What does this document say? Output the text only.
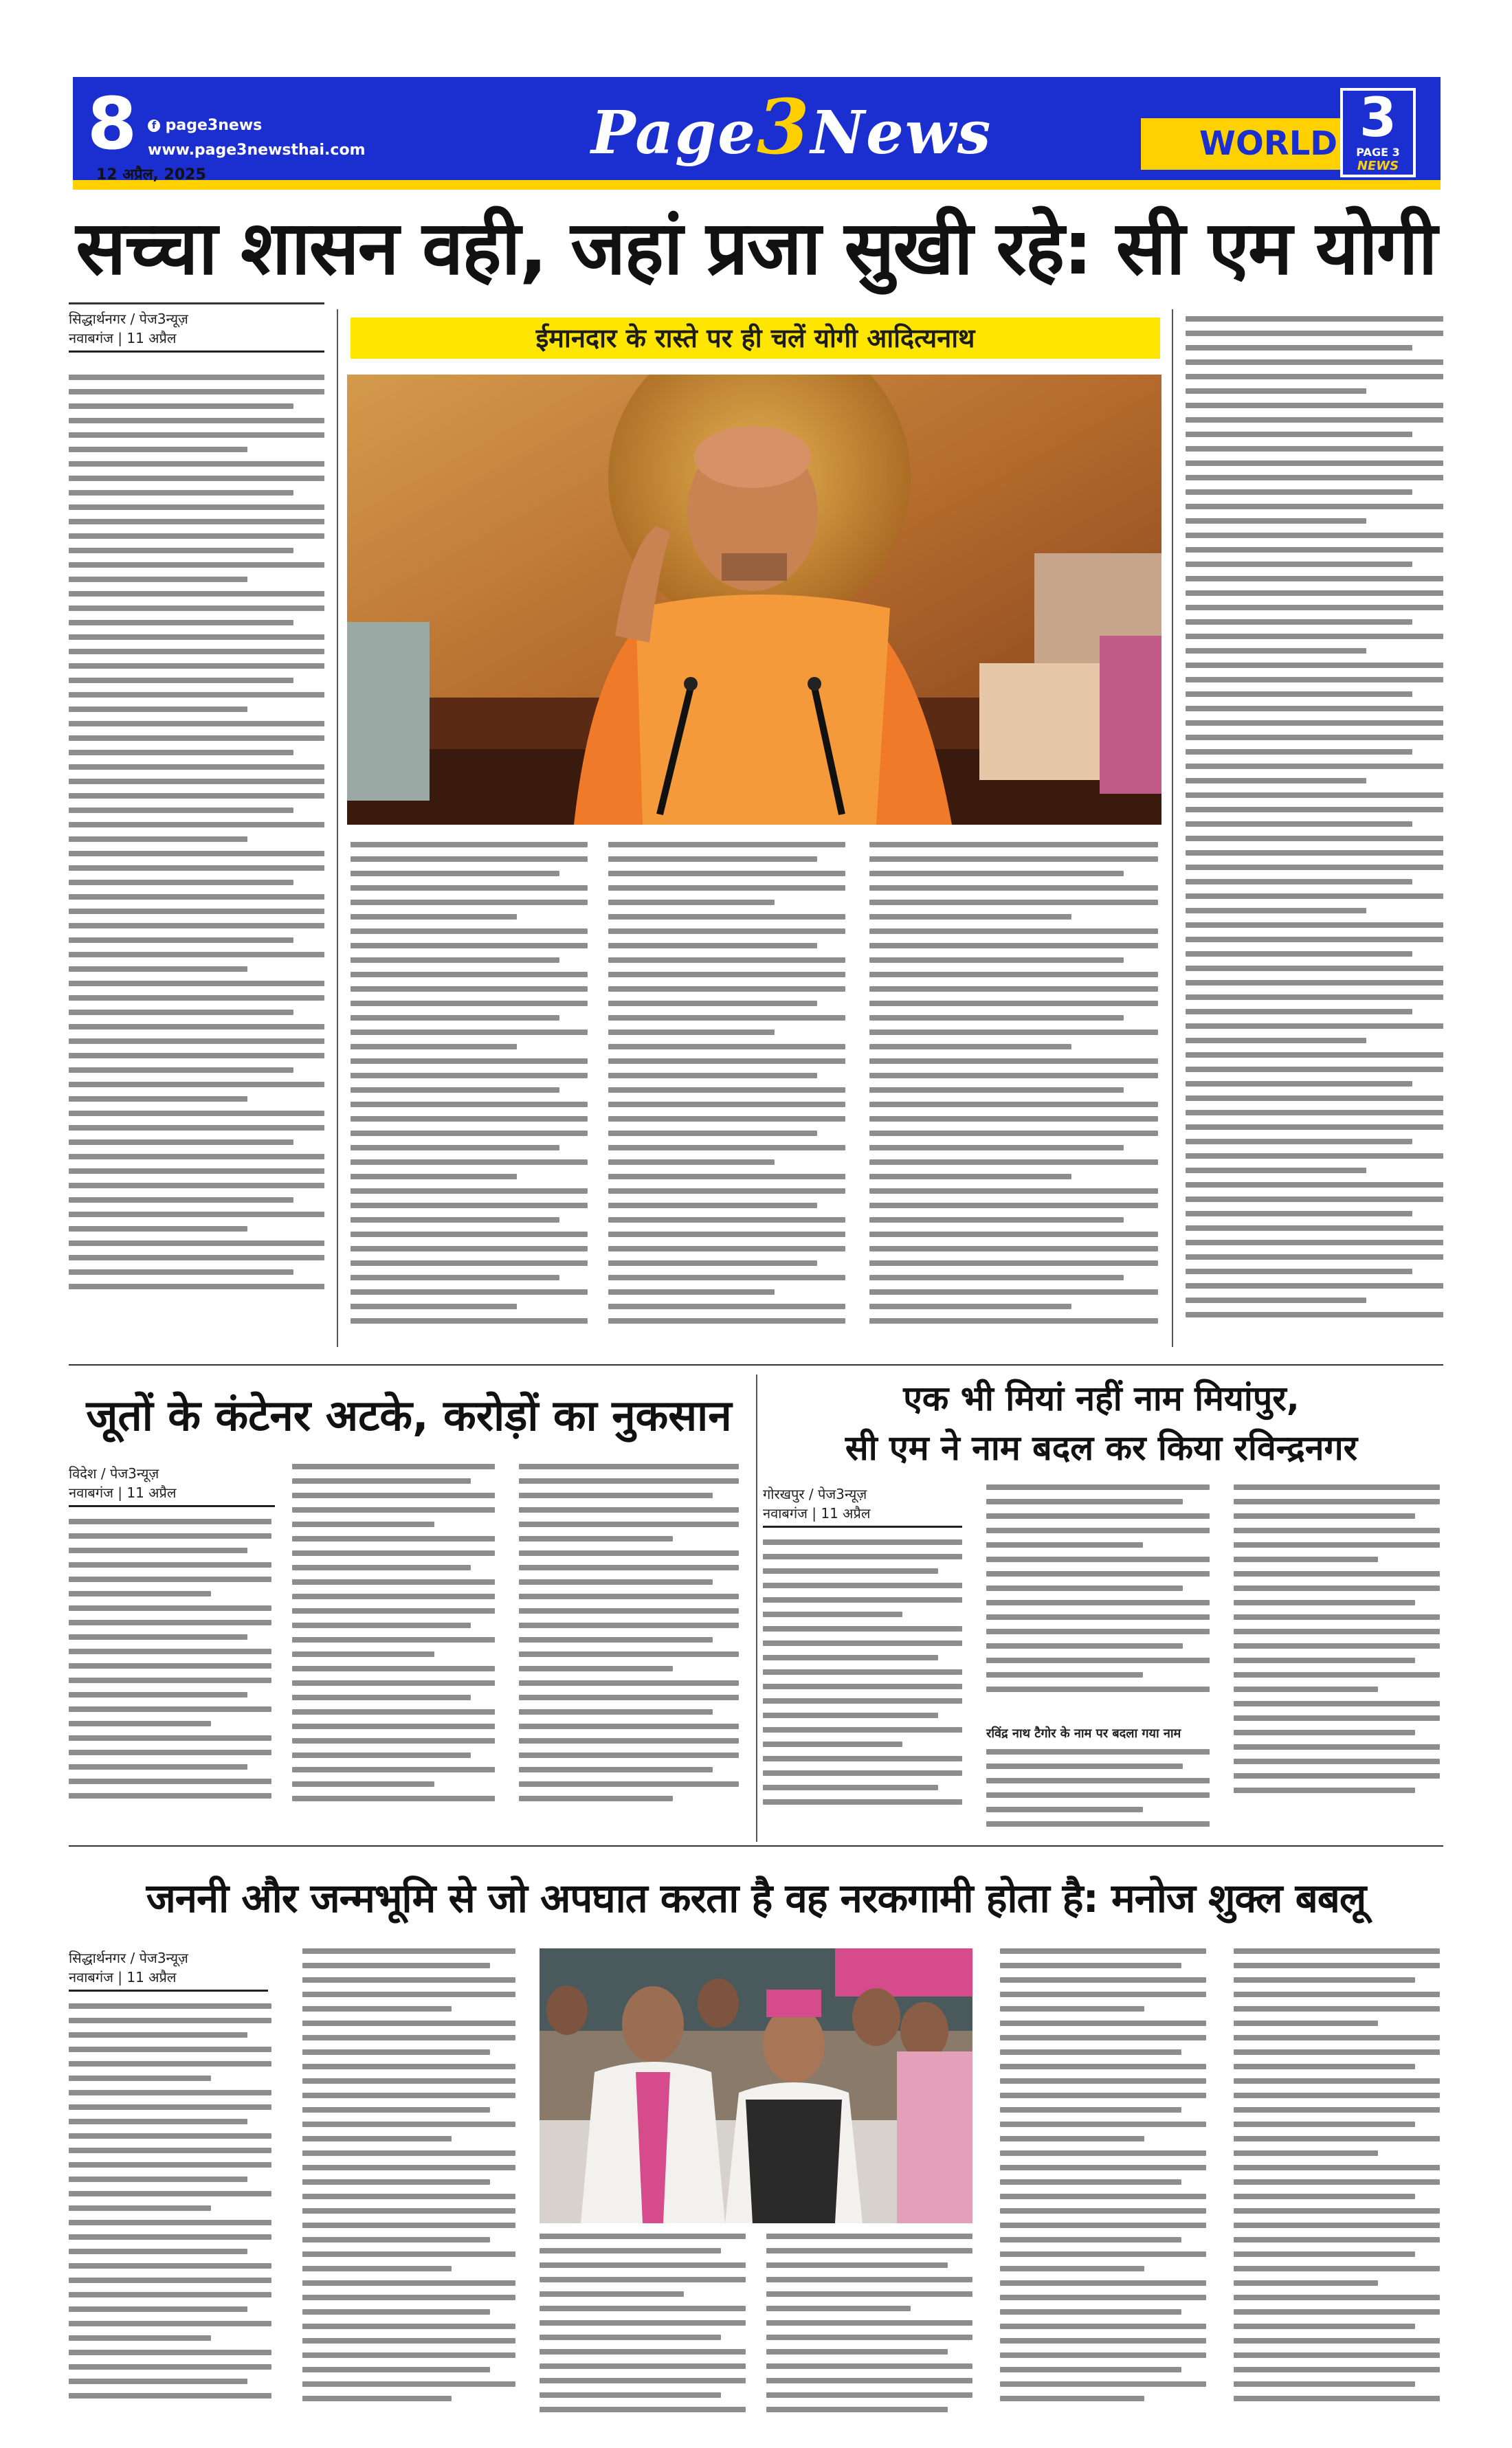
8	f page3news
www.page3newsthai.com	Page3News	WORLD 3
PAGE 3
NEWS
12 अप्रैल, 2025
सच्चा शासन वही, जहां प्रजा सुखी रहे: सी एम योगी
सिद्धार्थनगर / पेज3न्यूज़
नवाबगंज | 11 अप्रैल	ईमानदार के रास्ते पर ही चलें योगी आदित्यनाथ
जूतों के कंटेनर अटके, करोड़ों का नुकसान
विदेश / पेज3न्यूज़
नवाबगंज | 11 अप्रैल
एक भी मियां नहीं नाम मियांपुर,
सी एम ने नाम बदल कर किया रविन्द्रनगर
गोरखपुर / पेज3न्यूज़
नवाबगंज | 11 अप्रैल
रविंद्र नाथ टैगोर के नाम पर बदला गया नाम
जननी और जन्मभूमि से जो अपघात करता है वह नरकगामी होता है: मनोज शुक्ल बबलू
सिद्धार्थनगर / पेज3न्यूज़
नवाबगंज | 11 अप्रैल
